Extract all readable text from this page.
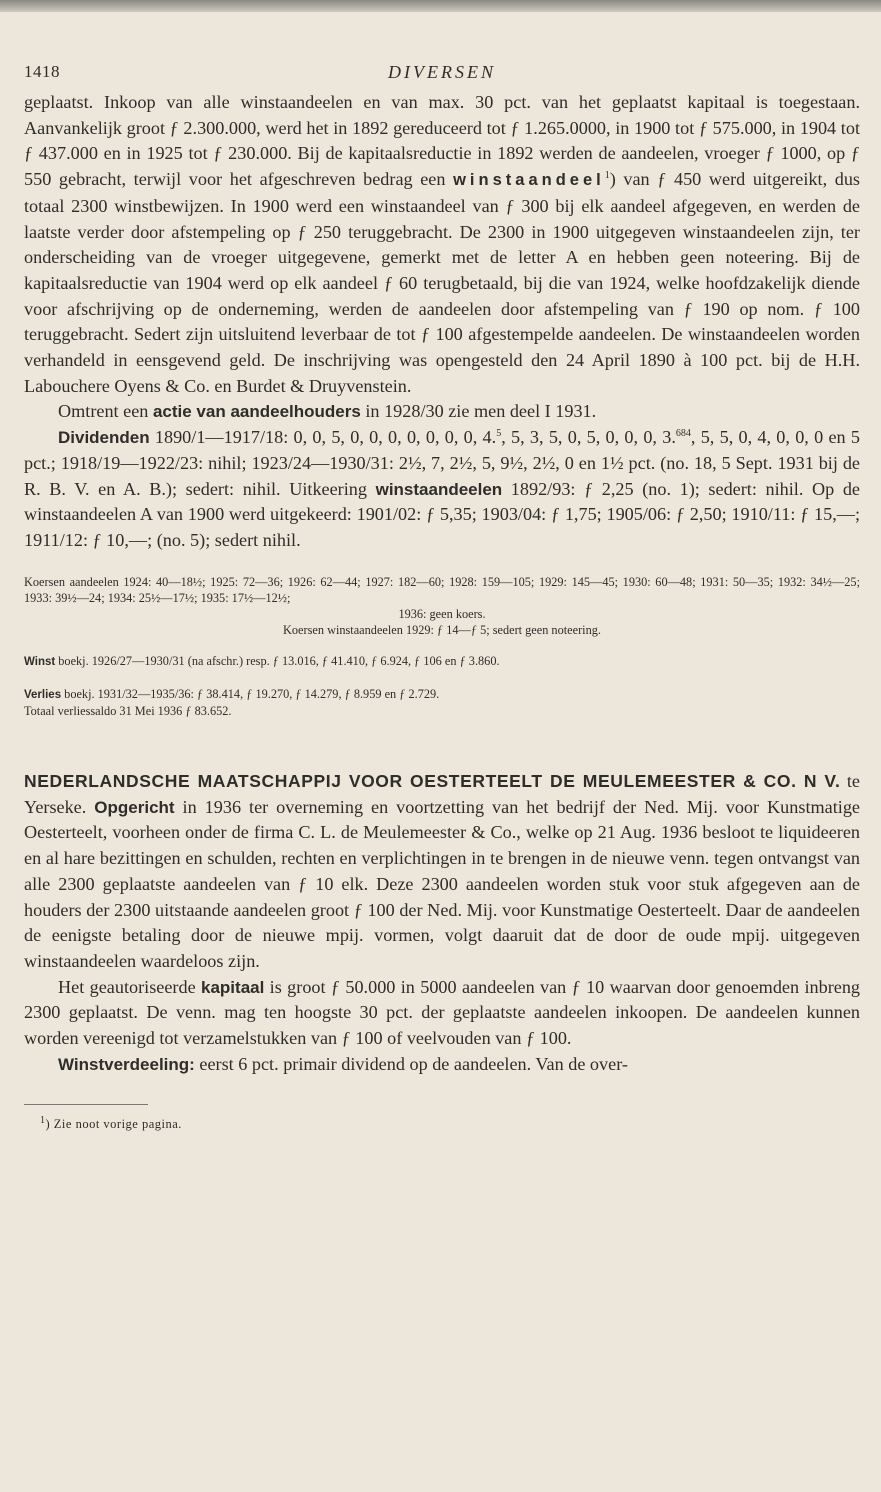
1418	DIVERSEN

geplaatst. Inkoop van alle winstaandeelen en van max. 30 pct. van het geplaatst kapitaal is toegestaan. Aanvankelijk groot ƒ 2.300.000, werd het in 1892 gereduceerd tot ƒ 1.265.0000, in 1900 tot ƒ 575.000, in 1904 tot ƒ 437.000 en in 1925 tot ƒ 230.000. Bij de kapitaalsreductie in 1892 werden de aandeelen, vroeger ƒ 1000, op ƒ 550 gebracht, terwijl voor het afgeschreven bedrag een winstaandeel$^1$) van ƒ 450 werd uitgereikt, dus totaal 2300 winstbewijzen. In 1900 werd een winstaandeel van ƒ 300 bij elk aandeel afgegeven, en werden de laatste verder door afstempeling op ƒ 250 teruggebracht. De 2300 in 1900 uitgegeven winstaandeelen zijn, ter onderscheiding van de vroeger uitgegevene, gemerkt met de letter A en hebben geen noteering. Bij de kapitaalsreductie van 1904 werd op elk aandeel ƒ 60 terugbetaald, bij die van 1924, welke hoofdzakelijk diende voor afschrijving op de onderneming, werden de aandeelen door afstempeling van ƒ 190 op nom. ƒ 100 teruggebracht. Sedert zijn uitsluitend leverbaar de tot ƒ 100 afgestempelde aandeelen. De winstaandeelen worden verhandeld in eensgevend geld. De inschrijving was opengesteld den 24 April 1890 à 100 pct. bij de H.H. Labouchere Oyens & Co. en Burdet & Druyvenstein.

Omtrent een actie van aandeelhouders in 1928/30 zie men deel I 1931.

Dividenden 1890/1—1917/18: 0, 0, 5, 0, 0, 0, 0, 0, 0, 0, 4.$^5$, 5, 3, 5, 0, 5, 0, 0, 0, 3.$^{684}$, 5, 5, 0, 4, 0, 0, 0 en 5 pct.; 1918/19—1922/23: nihil; 1923/24—1930/31: 2½, 7, 2½, 5, 9½, 2½, 0 en 1½ pct. (no. 18, 5 Sept. 1931 bij de R. B. V. en A. B.); sedert: nihil. Uitkeering winstaandeelen 1892/93: ƒ 2,25 (no. 1); sedert: nihil. Op de winstaandeelen A van 1900 werd uitgekeerd: 1901/02: ƒ 5,35; 1903/04: ƒ 1,75; 1905/06: ƒ 2,50; 1910/11: ƒ 15,—; 1911/12: ƒ 10,—; (no. 5); sedert nihil.

Koersen aandeelen 1924: 40—18½; 1925: 72—36; 1926: 62—44; 1927: 182—60; 1928: 159—105; 1929: 145—45; 1930: 60—48; 1931: 50—35; 1932: 34½—25; 1933: 39½—24; 1934: 25½—17½; 1935: 17½—12½;

1936: geen koers.

Koersen winstaandeelen 1929: ƒ 14—ƒ 5; sedert geen noteering.

Winst boekj. 1926/27—1930/31 (na afschr.) resp. ƒ 13.016, ƒ 41.410, ƒ 6.924, ƒ 106 en ƒ 3.860.

Verlies boekj. 1931/32—1935/36: ƒ 38.414, ƒ 19.270, ƒ 14.279, ƒ 8.959 en ƒ 2.729.

Totaal verliessaldo 31 Mei 1936 ƒ 83.652.

NEDERLANDSCHE MAATSCHAPPIJ VOOR OESTERTEELT DE MEULEMEESTER & CO. N V. te Yerseke. Opgericht in 1936 ter overneming en voortzetting van het bedrijf der Ned. Mij. voor Kunstmatige Oesterteelt, voorheen onder de firma C. L. de Meulemeester & Co., welke op 21 Aug. 1936 besloot te liquideeren en al hare bezittingen en schulden, rechten en verplichtingen in te brengen in de nieuwe venn. tegen ontvangst van alle 2300 geplaatste aandeelen van ƒ 10 elk. Deze 2300 aandeelen worden stuk voor stuk afgegeven aan de houders der 2300 uitstaande aandeelen groot ƒ 100 der Ned. Mij. voor Kunstmatige Oesterteelt. Daar de aandeelen de eenigste betaling door de nieuwe mpij. vormen, volgt daaruit dat de door de oude mpij. uitgegeven winstaandeelen waardeloos zijn.

Het geautoriseerde kapitaal is groot ƒ 50.000 in 5000 aandeelen van ƒ 10 waarvan door genoemden inbreng 2300 geplaatst. De venn. mag ten hoogste 30 pct. der geplaatste aandeelen inkoopen. De aandeelen kunnen worden vereenigd tot verzamelstukken van ƒ 100 of veelvouden van ƒ 100.

Winstverdeeling: eerst 6 pct. primair dividend op de aandeelen. Van de over-

$^1$) Zie noot vorige pagina.
